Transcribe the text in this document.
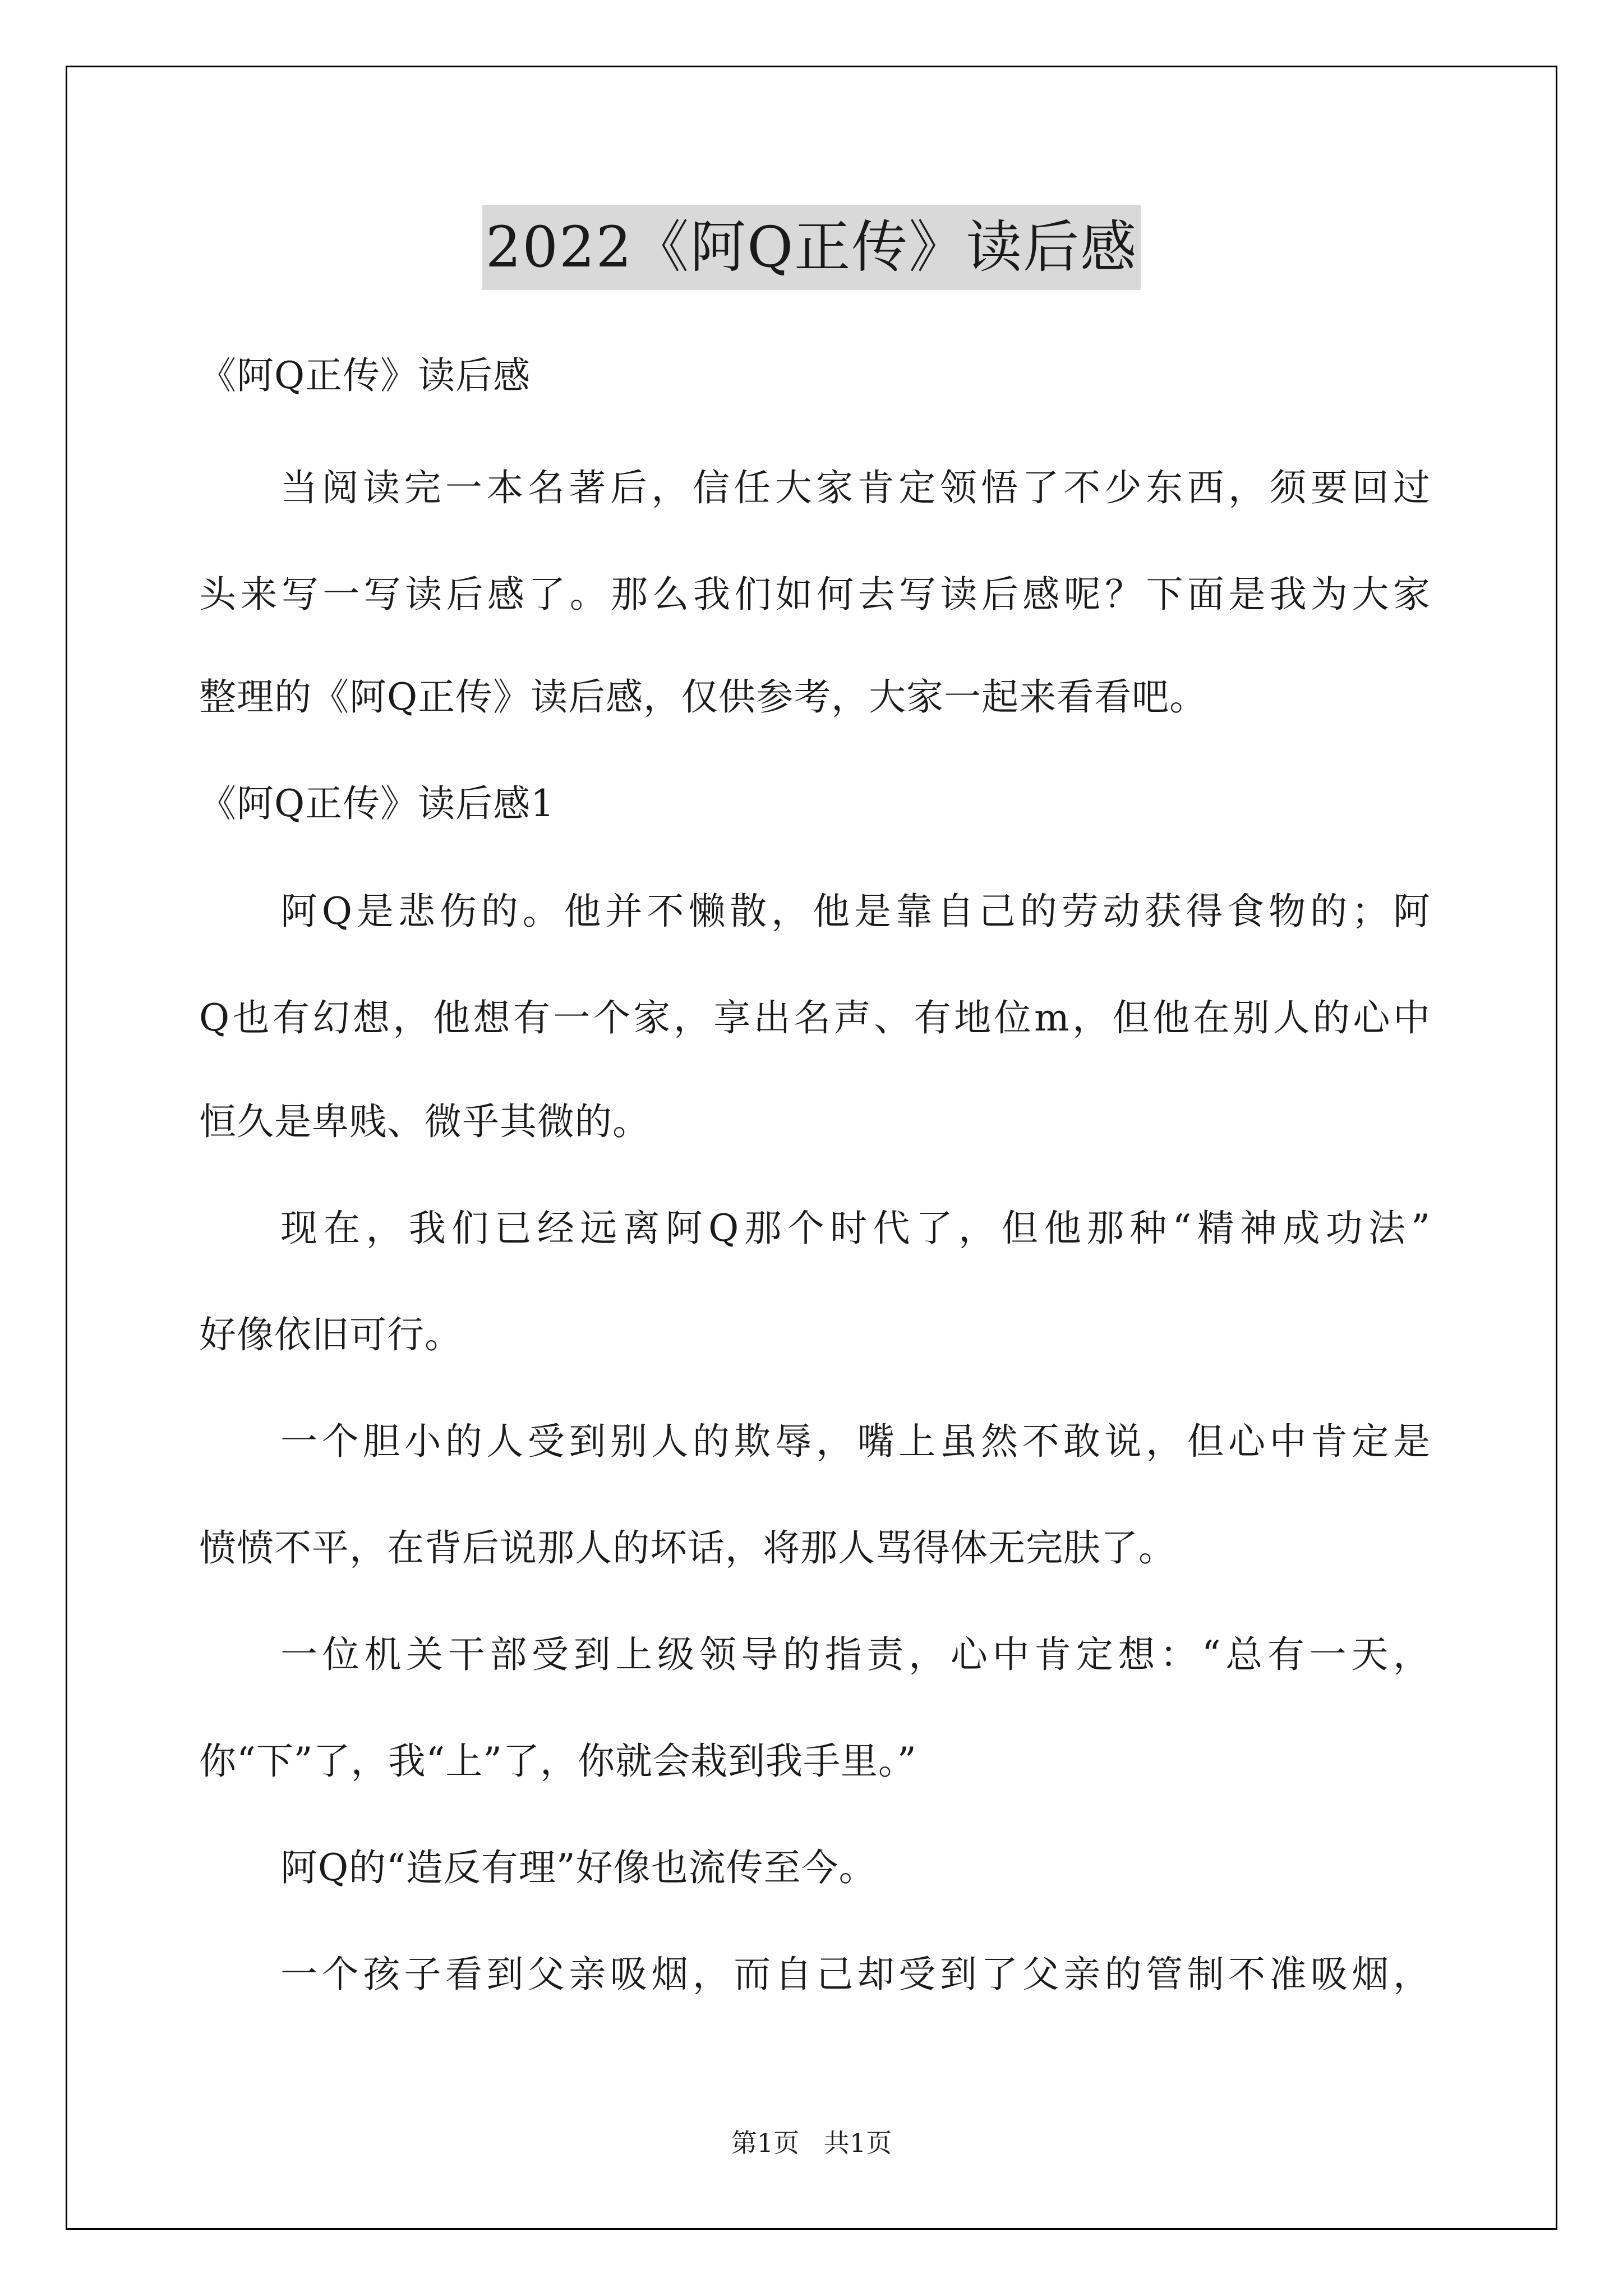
2022《阿Q正传》读后感
《阿Q正传》读后感
当阅读完一本名著后，信任大家肯定领悟了不少东西，须要回过
头来写一写读后感了。那么我们如何去写读后感呢？下面是我为大家
整理的《阿Q正传》读后感，仅供参考，大家一起来看看吧。
《阿Q正传》读后感1
阿Q是悲伤的。他并不懒散，他是靠自己的劳动获得食物的；阿
Q也有幻想，他想有一个家，享出名声、有地位m，但他在别人的心中
恒久是卑贱、微乎其微的。
现在，我们已经远离阿Q那个时代了，但他那种“精神成功法”
好像依旧可行。
一个胆小的人受到别人的欺辱，嘴上虽然不敢说，但心中肯定是
愤愤不平，在背后说那人的坏话，将那人骂得体无完肤了。
一位机关干部受到上级领导的指责，心中肯定想：“总有一天，
你“下”了，我“上”了，你就会栽到我手里。”
阿Q的“造反有理”好像也流传至今。
一个孩子看到父亲吸烟，而自己却受到了父亲的管制不准吸烟，
第1页   共1页
